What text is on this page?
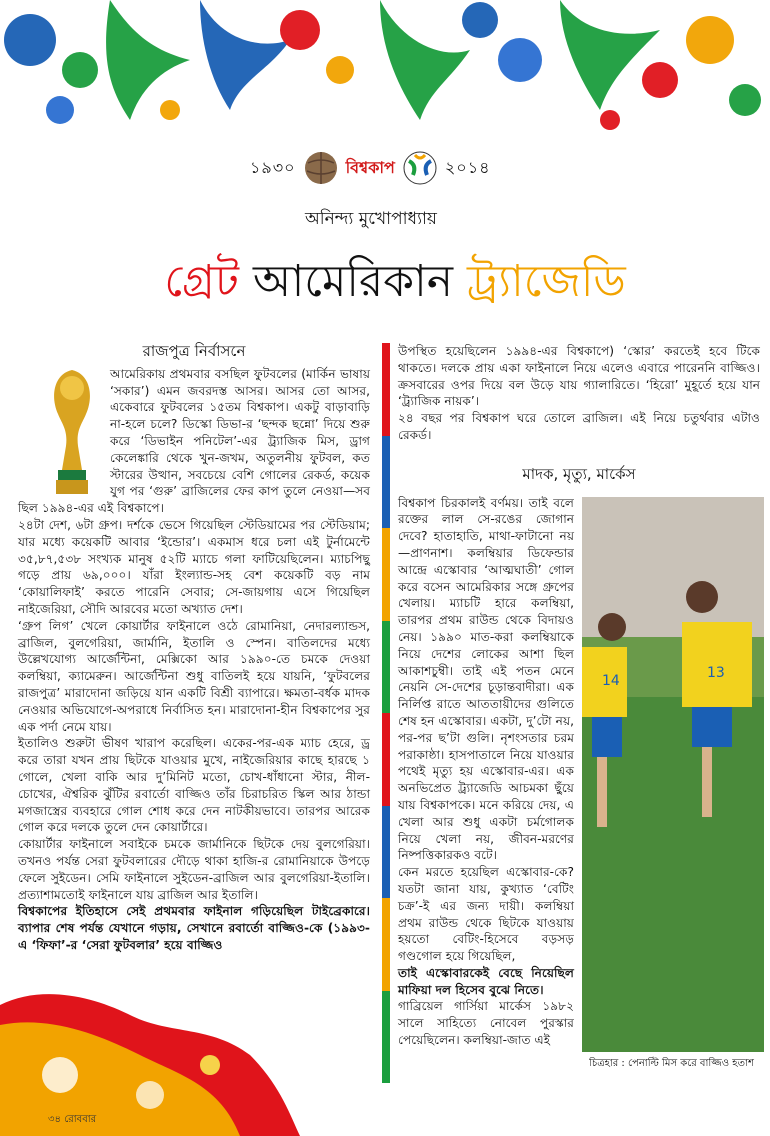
১৯৩০	বিশ্বকাপ	২০১৪
অনিন্দ্য মুখোপাধ্যায়
গ্রেট আমেরিকান ট্র্যাজেডি
রাজপুত্র নির্বাসনে

আমেরিকায় প্রথমবার বসছিল ফুটবলের (মার্কিন ভাষায় ‘সকার’) এমন জবরদস্ত আসর। আসর তো আসর, একেবারে ফুটবলের ১৫তম বিশ্বকাপ। একটু বাড়াবাড়ি না-হলে চলে? ডিস্কো ডিভা-র ‘ছন্দক ছন্নো’ দিয়ে শুরু করে ‘ডিভাইন পনিটেল’-এর ট্র্যাজিক মিস, ড্রাগ কেলেঙ্কারি থেকে খুন-জখম, অতুলনীয় ফুটবল, কত স্টারের উত্থান, সবচেয়ে বেশি গোলের রেকর্ড, কয়েক যুগ পর ‘গুরু’ ব্রাজিলের ফের কাপ তুলে নেওয়া—সব ছিল ১৯৯৪-এর এই বিশ্বকাপে।

২৪টা দেশ, ৬টা গ্রুপ। দর্শকে ভেসে গিয়েছিল স্টেডিয়ামের পর স্টেডিয়াম; যার মধ্যে কয়েকটি আবার ‘ইন্ডোর’। একমাস ধরে চলা এই টুর্নামেন্টে ৩৫,৮৭,৫৩৮ সংখ্যক মানুষ ৫২টি ম্যাচে গলা ফাটিয়েছিলেন। ম্যাচপিছু গড়ে প্রায় ৬৯,০০০। যাঁরা ইংল্যান্ড-সহ বেশ কয়েকটি বড় নাম ‘কোয়ালিফাই’ করতে পারেনি সেবার; সে-জায়গায় এসে গিয়েছিল নাইজেরিয়া, সৌদি আরবের মতো অখ্যাত দেশ।

‘গ্রুপ লিগ’ খেলে কোয়ার্টার ফাইনালে ওঠে রোমানিয়া, নেদারল্যান্ডস, ব্রাজিল, বুলগেরিয়া, জার্মানি, ইতালি ও স্পেন। বাতিলদের মধ্যে উল্লেখযোগ্য আর্জেন্টিনা, মেক্সিকো আর ১৯৯০-তে চমকে দেওয়া কলম্বিয়া, ক্যামেরুন। আর্জেন্টিনা শুধু বাতিলই হয়ে যায়নি, ‘ফুটবলের রাজপুত্র’ মারাদোনা জড়িয়ে যান একটি বিশ্রী ব্যাপারে। ক্ষমতা-বর্ধক মাদক নেওয়ার অভিযোগে-অপরাধে নির্বাসিত হন। মারাদোনা-হীন বিশ্বকাপের সুর এক পর্দা নেমে যায়।

ইতালিও শুরুটা ভীষণ খারাপ করেছিল। একের-পর-এক ম্যাচ হেরে, ড্র করে তারা যখন প্রায় ছিটকে যাওয়ার মুখে, নাইজেরিয়ার কাছে হারছে ১ গোলে, খেলা বাকি আর দু’মিনিট মতো, চোখ-ধাঁধানো স্টার, নীল-চোখের, ঐশ্বরিক ঝুঁটির রবার্তো বাজ্জিও তাঁর চিরাচরিত স্কিল আর ঠান্ডা মগজাস্ত্রের ব্যবহারে গোল শোধ করে দেন নাটকীয়ভাবে। তারপর আরেক গোল করে দলকে তুলে দেন কোয়ার্টারে।

কোয়ার্টার ফাইনালে সবাইকে চমকে জার্মানিকে ছিটকে দেয় বুলগেরিয়া। তখনও পর্যন্ত সেরা ফুটবলারের দৌড়ে থাকা হাজি-র রোমানিয়াকে উপড়ে ফেলে সুইডেন। সেমি ফাইনালে সুইডেন-ব্রাজিল আর বুলগেরিয়া-ইতালি। প্রত্যাশামতোই ফাইনালে যায় ব্রাজিল আর ইতালি।

বিশ্বকাপের ইতিহাসে সেই প্রথমবার ফাইনাল গড়িয়েছিল টাইব্রেকারে। ব্যাপার শেষ পর্যন্ত যেখানে গড়ায়, সেখানে রবার্তো বাজ্জিও-কে (১৯৯৩-এ ‘ফিফা’-র ‘সেরা ফুটবলার’ হয়ে বাজ্জিও

উপস্থিত হয়েছিলেন ১৯৯৪-এর বিশ্বকাপে) ‘স্কোর’ করতেই হবে টিকে থাকতে। দলকে প্রায় একা ফাইনালে নিয়ে এলেও এবারে পারেননি বাজ্জিও। ক্রসবারের ওপর দিয়ে বল উড়ে যায় গ্যালারিতে। ‘হিরো’ মুহূর্তে হয়ে যান ‘ট্র্যাজিক নায়ক’।

২৪ বছর পর বিশ্বকাপ ঘরে তোলে ব্রাজিল। এই নিয়ে চতুর্থবার এটাও রেকর্ড।

মাদক, মৃত্যু, মার্কেস

বিশ্বকাপ চিরকালই বর্ণময়। তাই বলে রক্তের লাল সে-রঙের জোগান দেবে? হাতাহাতি, মাথা-ফাটানো নয়—প্রাণনাশ। কলম্বিয়ার ডিফেন্ডার আন্দ্রে এস্কোবার ‘আত্মঘাতী’ গোল করে বসেন আমেরিকার সঙ্গে গ্রুপের খেলায়। ম্যাচটি হারে কলম্বিয়া, তারপর প্রথম রাউন্ড থেকে বিদায়ও নেয়। ১৯৯০ মাত-করা কলম্বিয়াকে নিয়ে দেশের লোকের আশা ছিল আকাশচুম্বী। তাই এই পতন মেনে নেয়নি সে-দেশের চূড়ান্তবাদীরা। এক নির্লিপ্ত রাতে আততায়ীদের গুলিতে শেষ হন এস্কোবার। একটা, দু’টো নয়, পর-পর ছ’টা গুলি। নৃশংসতার চরম পরাকাষ্ঠা। হাসপাতালে নিয়ে যাওয়ার পথেই মৃত্যু হয় এস্কোবার-এর। এক অনভিপ্রেত ট্র্যাজেডি আচমকা ছুঁয়ে যায় বিশ্বকাপকে। মনে করিয়ে দেয়, এ খেলা আর শুধু একটা চর্মগোলক নিয়ে খেলা নয়, জীবন-মরণের নিষ্পত্তিকারকও বটে।

কেন মরতে হয়েছিল এস্কোবার-কে? যতটা জানা যায়, কুখ্যাত ‘বেটিং চক্র’-ই এর জন্য দায়ী। কলম্বিয়া প্রথম রাউন্ড থেকে ছিটকে যাওয়ায় হয়তো বেটিং-হিসেবে বড়সড় গণ্ডগোল হয়ে গিয়েছিল,

তাই এস্কোবারকেই বেছে নিয়েছিল মাফিয়া দল হিসেব বুঝে নিতে।

গাব্রিয়েল গার্সিয়া মার্কেস ১৯৮২ সালে সাহিত্যে নোবেল পুরস্কার পেয়েছিলেন। কলম্বিয়া-জাত এই

14	13
চিত্রহার : পেনাল্টি মিস করে বাজ্জিও হতাশ
৩৪ রোববার
